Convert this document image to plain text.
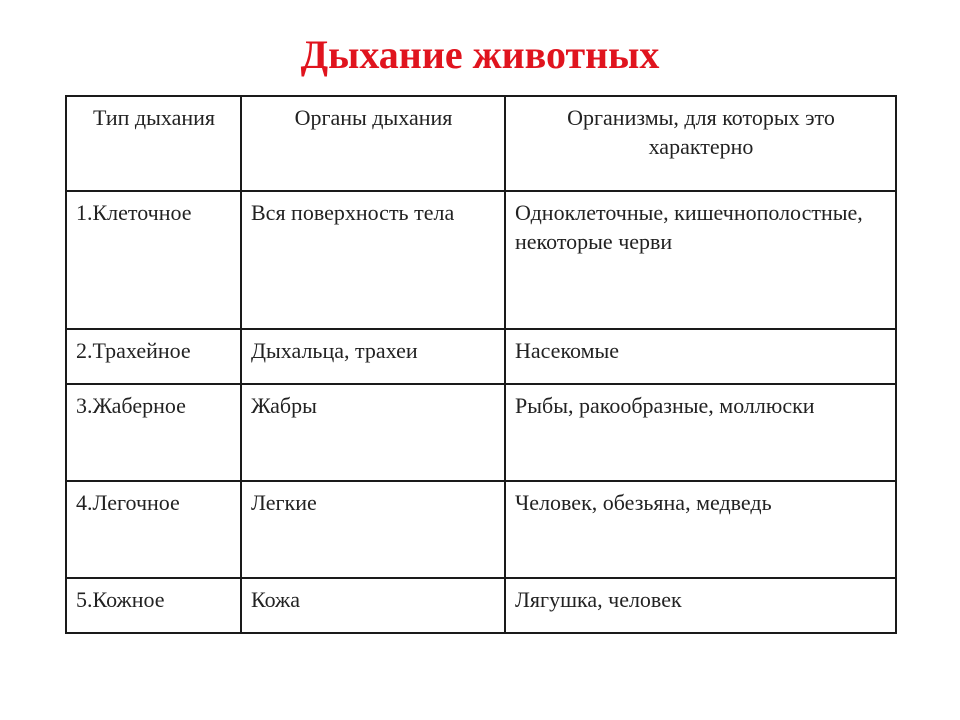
Дыхание животных
Тип дыхания	Органы дыхания	Организмы, для которых это характерно
1.Клеточное	Вся поверхность тела	Одноклеточные, кишечнополостные, некоторые черви
2.Трахейное	Дыхальца, трахеи	Насекомые
3.Жаберное	Жабры	Рыбы, ракообразные, моллюски
4.Легочное	Легкие	Человек, обезьяна, медведь
5.Кожное	Кожа	Лягушка, человек
